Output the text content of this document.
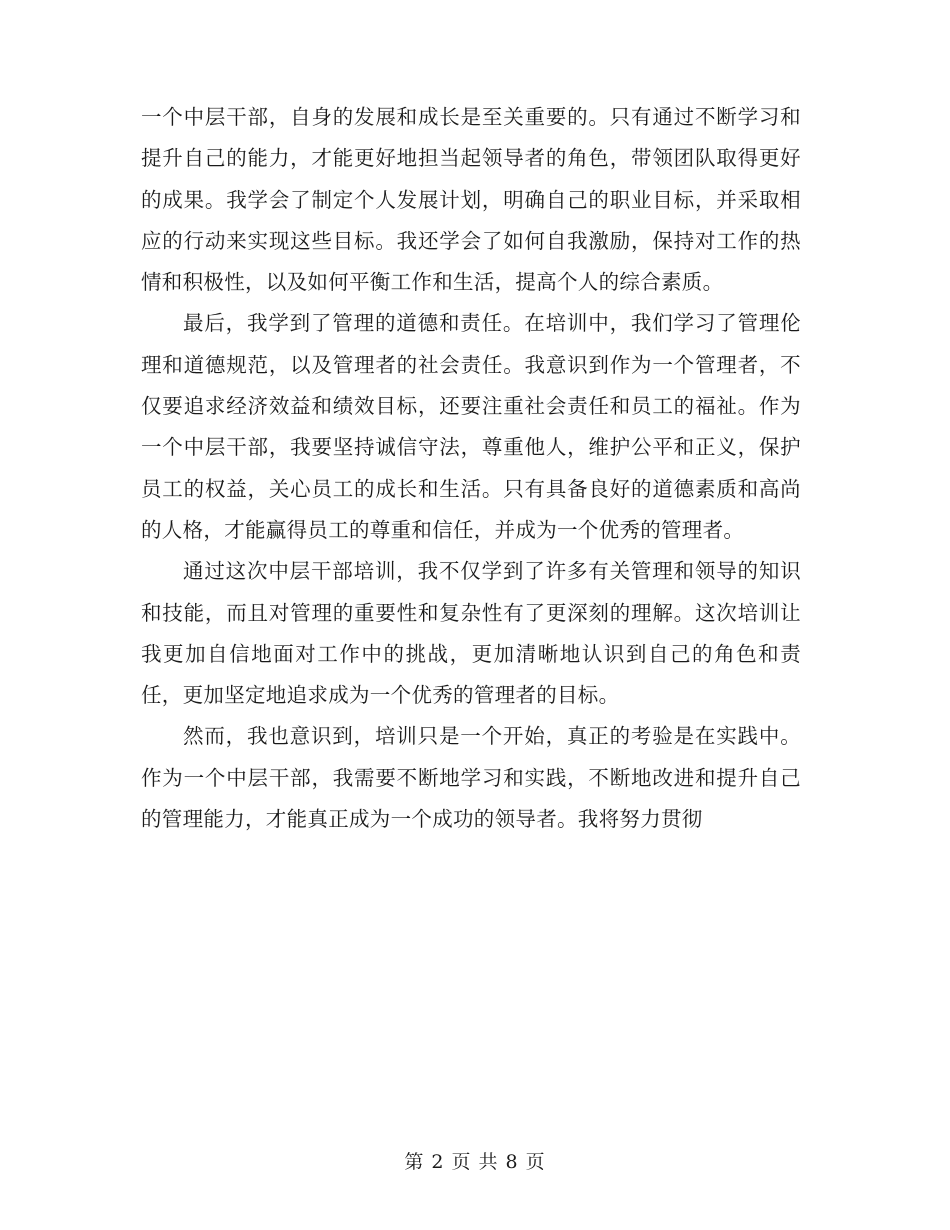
一个中层干部，自身的发展和成长是至关重要的。只有通过不断学习和提升自己的能力，才能更好地担当起领导者的角色，带领团队取得更好的成果。我学会了制定个人发展计划，明确自己的职业目标，并采取相应的行动来实现这些目标。我还学会了如何自我激励，保持对工作的热情和积极性，以及如何平衡工作和生活，提高个人的综合素质。

最后，我学到了管理的道德和责任。在培训中，我们学习了管理伦理和道德规范，以及管理者的社会责任。我意识到作为一个管理者，不仅要追求经济效益和绩效目标，还要注重社会责任和员工的福祉。作为一个中层干部，我要坚持诚信守法，尊重他人，维护公平和正义，保护员工的权益，关心员工的成长和生活。只有具备良好的道德素质和高尚的人格，才能赢得员工的尊重和信任，并成为一个优秀的管理者。

通过这次中层干部培训，我不仅学到了许多有关管理和领导的知识和技能，而且对管理的重要性和复杂性有了更深刻的理解。这次培训让我更加自信地面对工作中的挑战，更加清晰地认识到自己的角色和责任，更加坚定地追求成为一个优秀的管理者的目标。

然而，我也意识到，培训只是一个开始，真正的考验是在实践中。作为一个中层干部，我需要不断地学习和实践，不断地改进和提升自己的管理能力，才能真正成为一个成功的领导者。我将努力贯彻

第 2 页 共 8 页
